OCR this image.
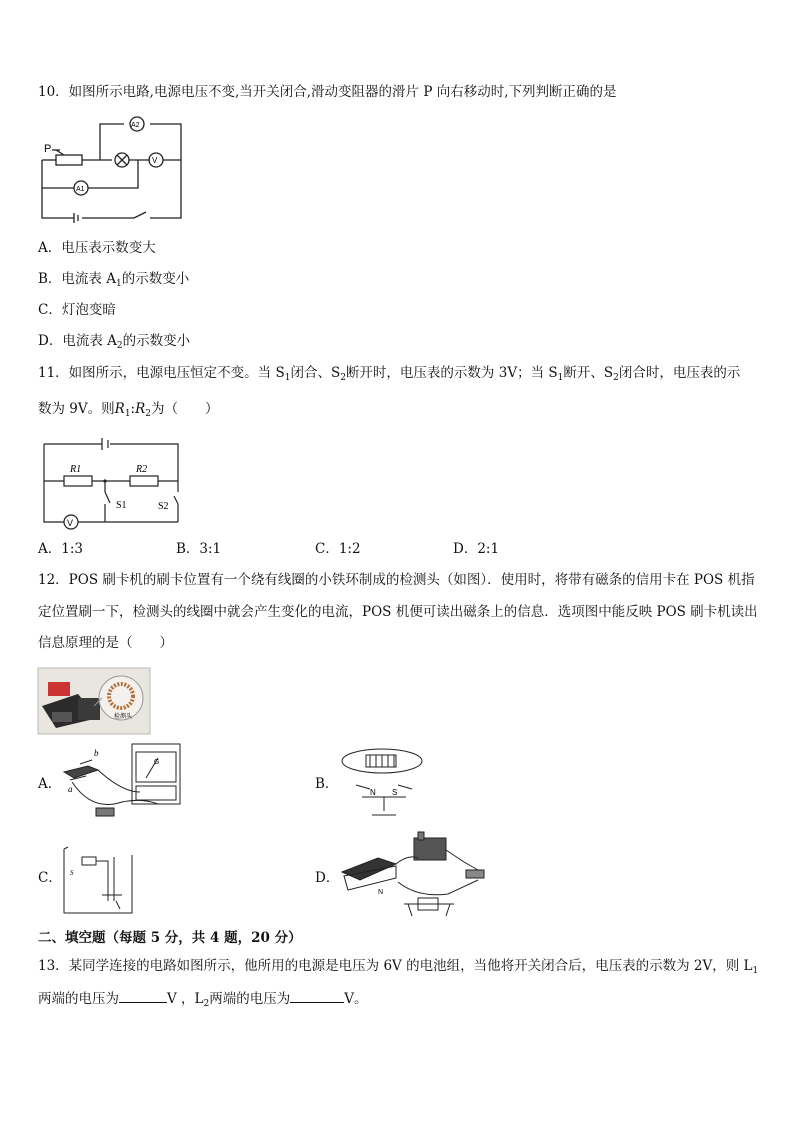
10．如图所示电路,电源电压不变,当开关闭合,滑动变阻器的滑片 P 向右移动时,下列判断正确的是
P
A2
V
A1
A．电压表示数变大
B．电流表 $A_1$的示数变小
C．灯泡变暗
D．电流表 $A_2$的示数变小
11．如图所示，电源电压恒定不变。当 $S_1$闭合、$S_2$断开时，电压表的示数为 3V；当 $S_1$断开、$S_2$闭合时，电压表的示
数为 9V。则$R_1:R_2$为（　　）
R1	R2
S1	S2
V
A．1:3	B．3:1	C．1:2	D．2:1
12．POS 刷卡机的刷卡位置有一个绕有线圈的小铁环制成的检测头（如图）．使用时，将带有磁条的信用卡在 POS 机指
定位置刷一下，检测头的线圈中就会产生变化的电流，POS 机便可读出磁条上的信息．选项图中能反映 POS 刷卡机读出
信息原理的是（　　）
检测头
A．
b
a
G
B．
N S
C． S	D．
N
二、填空题（每题 5 分，共 4 题，20 分）
13．某同学连接的电路如图所示，他所用的电源是电压为 6V 的电池组，当他将开关闭合后，电压表的示数为 2V，则 $L_1$
两端的电压为	V ，$L_2$两端的电压为	V。
